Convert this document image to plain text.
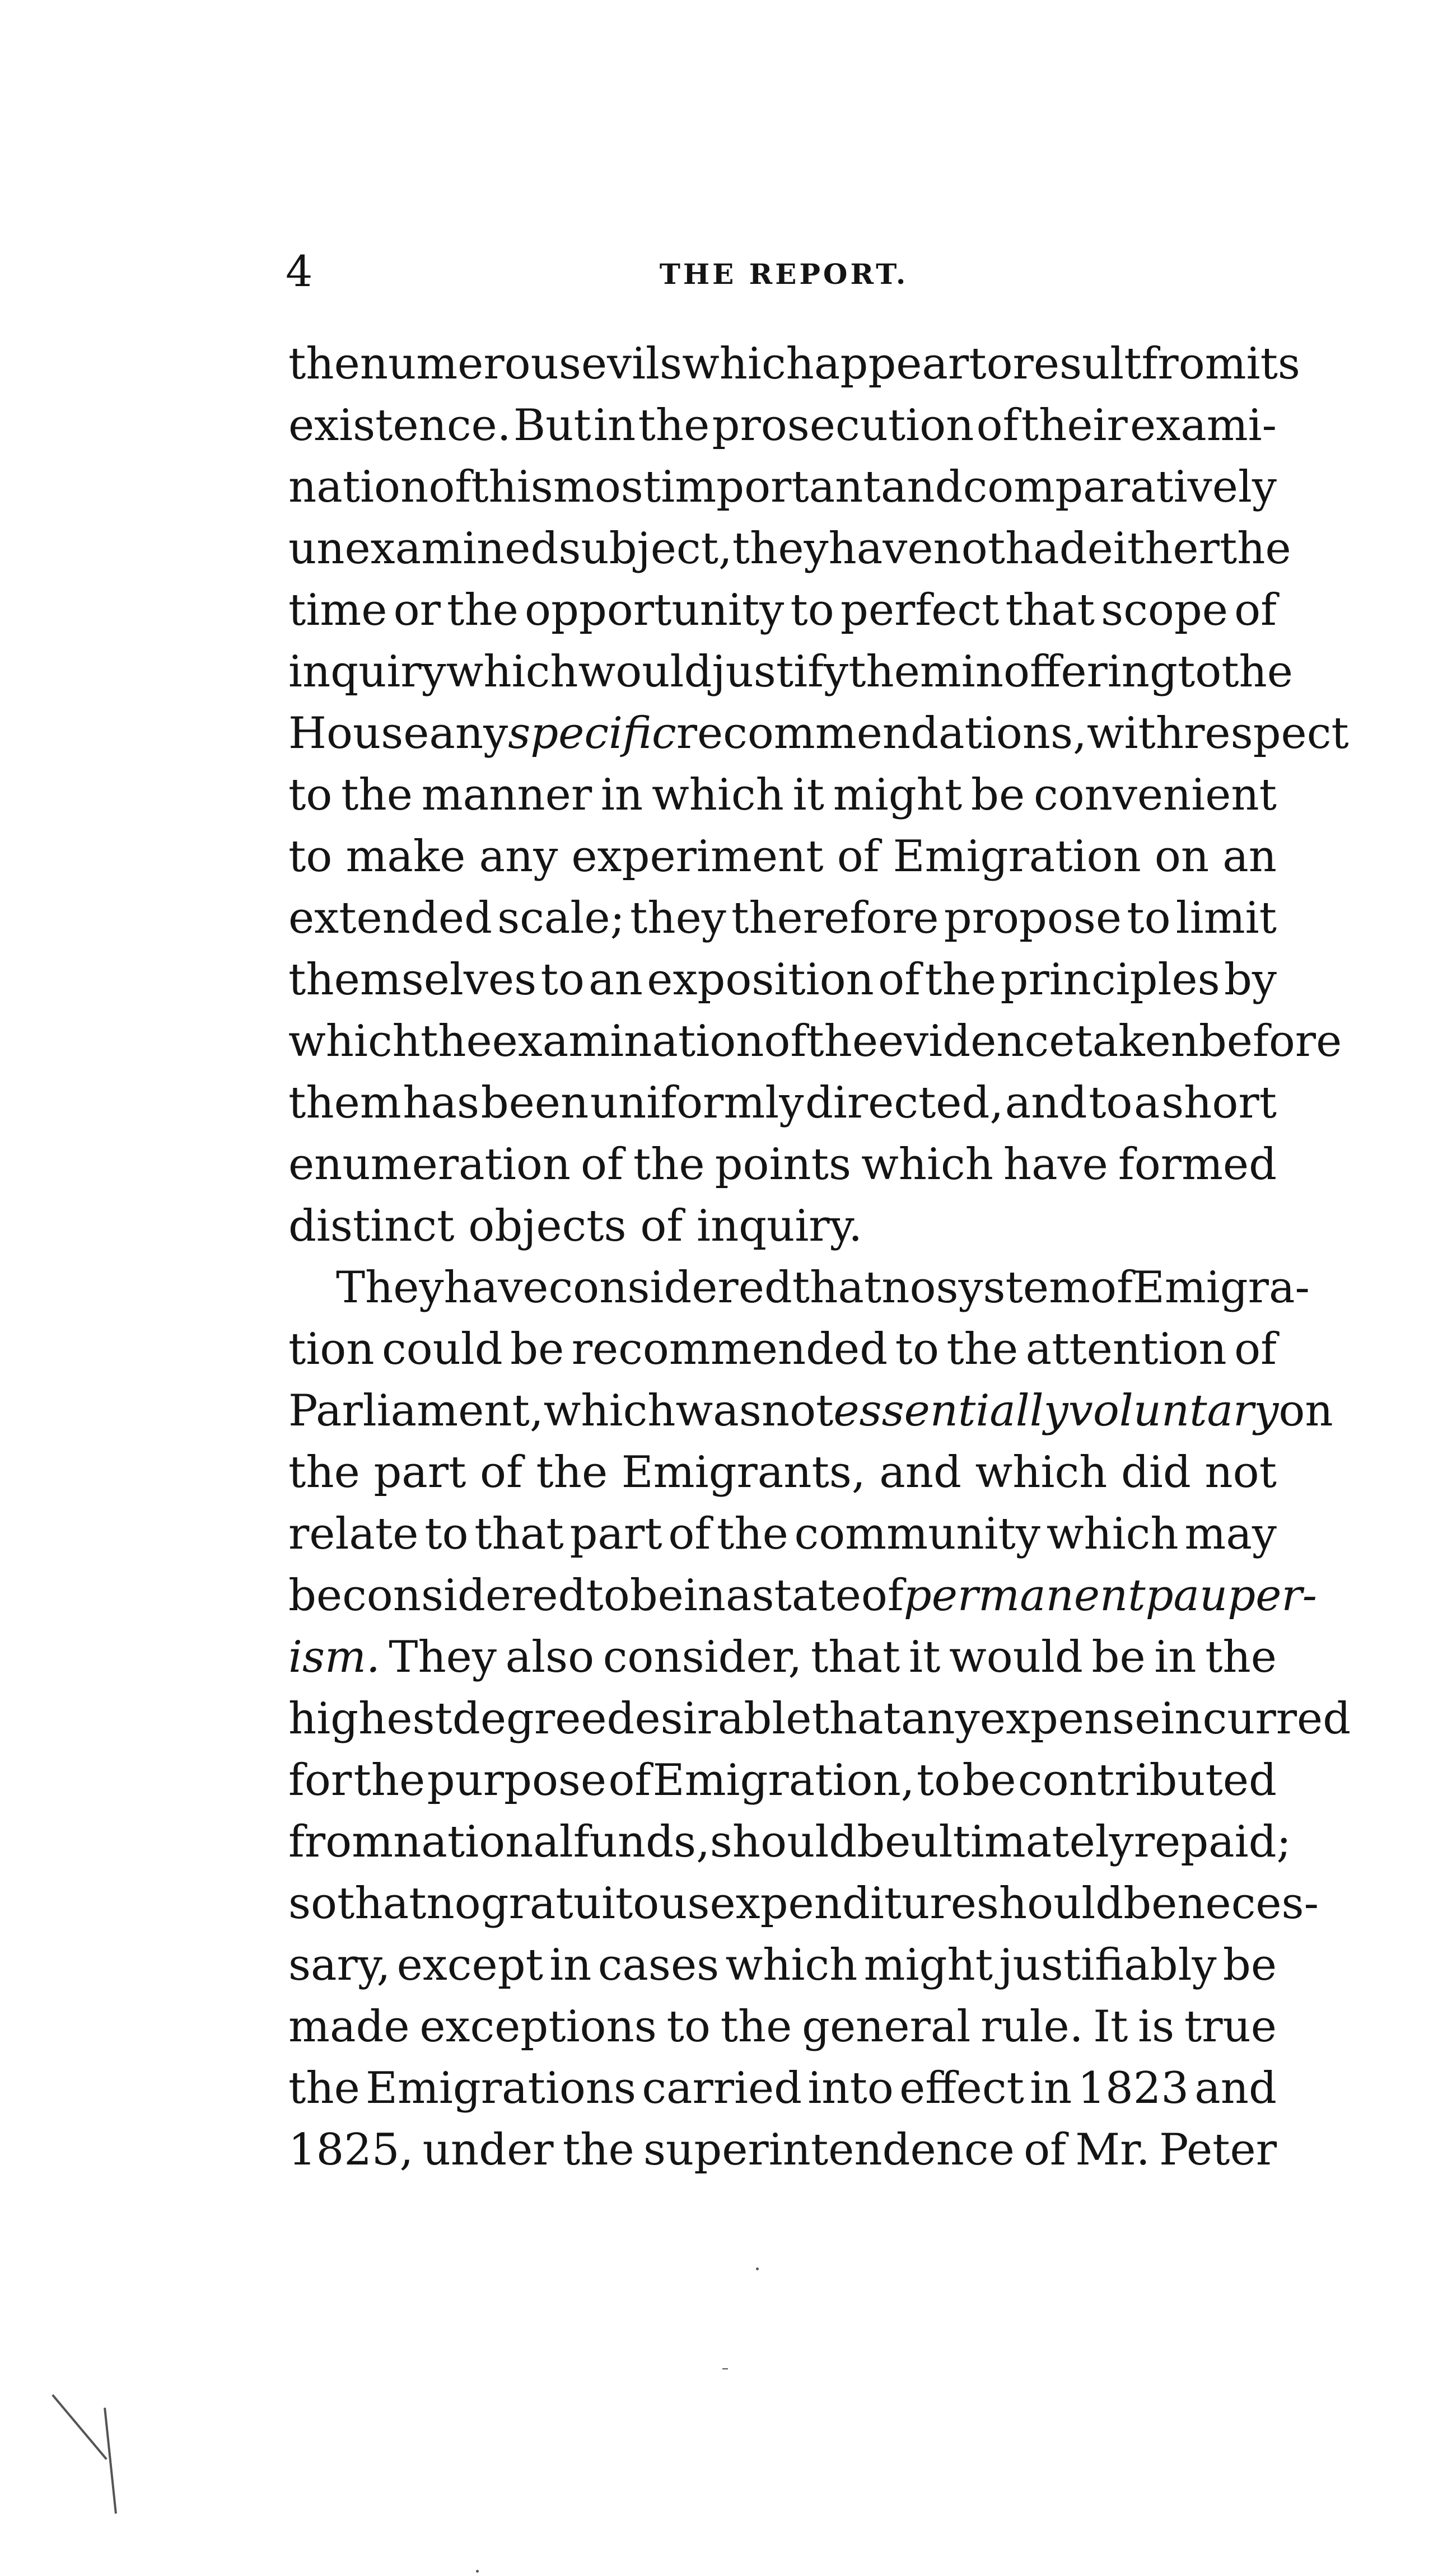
4	THE REPORT.
the numerous evils which appear to result from its
existence. But in the prosecution of their exami-
nation of this most important and comparatively
unexamined subject, they have not had either the
time or the opportunity to perfect that scope of
inquiry which would justify them in offering to the
House any specific recommendations, with respect
to the manner in which it might be convenient
to make any experiment of Emigration on an
extended scale; they therefore propose to limit
themselves to an exposition of the principles by
which the examination of the evidence taken before
them has been uniformly directed, and to a short
enumeration of the points which have formed
distinct
objects
of
inquiry.
They have considered that no system of Emigra-
tion could be recommended to the attention of
Parliament, which was not essentially voluntary on
the part of the Emigrants, and which did not
relate to that part of the community which may
be considered to be in a state of permanent pauper-
ism. They also consider, that it would be in the
highest degree desirable that any expense incurred
for the purpose of Emigration, to be contributed
from national funds, should be ultimately repaid;
so that no gratuitous expenditure should be neces-
sary, except in cases which might justifiably be
made exceptions to the general rule. It is true
the Emigrations carried into effect in 1823 and
1825, under the superintendence of Mr. Peter
